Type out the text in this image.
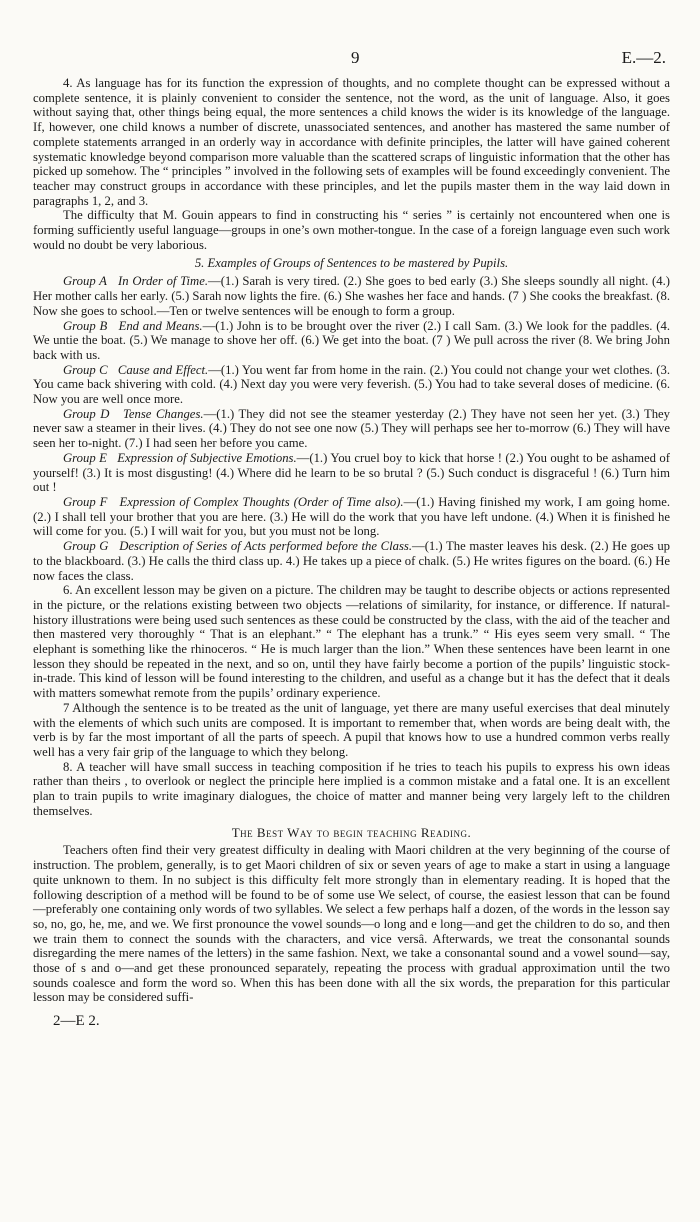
9	E.—2.

4. As language has for its function the expression of thoughts, and no complete thought can be expressed without a complete sentence, it is plainly convenient to consider the sentence, not the word, as the unit of language. Also, it goes without saying that, other things being equal, the more sentences a child knows the wider is its knowledge of the language. If, however, one child knows a number of discrete, unassociated sentences, and another has mastered the same number of complete statements arranged in an orderly way in accordance with definite principles, the latter will have gained coherent systematic knowledge beyond comparison more valuable than the scattered scraps of linguistic information that the other has picked up somehow. The “ principles ” involved in the following sets of examples will be found exceedingly convenient. The teacher may construct groups in accordance with these principles, and let the pupils master them in the way laid down in paragraphs 1, 2, and 3.

The difficulty that M. Gouin appears to find in constructing his “ series ” is certainly not encountered when one is forming sufficiently useful language—groups in one’s own mother-tongue. In the case of a foreign language even such work would no doubt be very laborious.

5. Examples of Groups of Sentences to be mastered by Pupils.

Group A In Order of Time.—(1.) Sarah is very tired. (2.) She goes to bed early (3.) She sleeps soundly all night. (4.) Her mother calls her early. (5.) Sarah now lights the fire. (6.) She washes her face and hands. (7 ) She cooks the breakfast. (8. Now she goes to school.—Ten or twelve sentences will be enough to form a group.

Group B End and Means.—(1.) John is to be brought over the river (2.) I call Sam. (3.) We look for the paddles. (4. We untie the boat. (5.) We manage to shove her off. (6.) We get into the boat. (7 ) We pull across the river (8. We bring John back with us.

Group C Cause and Effect.—(1.) You went far from home in the rain. (2.) You could not change your wet clothes. (3. You came back shivering with cold. (4.) Next day you were very feverish. (5.) You had to take several doses of medicine. (6. Now you are well once more.

Group D Tense Changes.—(1.) They did not see the steamer yesterday (2.) They have not seen her yet. (3.) They never saw a steamer in their lives. (4.) They do not see one now (5.) They will perhaps see her to-morrow (6.) They will have seen her to-night. (7.) I had seen her before you came.

Group E Expression of Subjective Emotions.—(1.) You cruel boy to kick that horse ! (2.) You ought to be ashamed of yourself! (3.) It is most disgusting! (4.) Where did he learn to be so brutal ? (5.) Such conduct is disgraceful ! (6.) Turn him out !

Group F Expression of Complex Thoughts (Order of Time also).—(1.) Having finished my work, I am going home. (2.) I shall tell your brother that you are here. (3.) He will do the work that you have left undone. (4.) When it is finished he will come for you. (5.) I will wait for you, but you must not be long.

Group G Description of Series of Acts performed before the Class.—(1.) The master leaves his desk. (2.) He goes up to the blackboard. (3.) He calls the third class up. 4.) He takes up a piece of chalk. (5.) He writes figures on the board. (6.) He now faces the class.

6. An excellent lesson may be given on a picture. The children may be taught to describe objects or actions represented in the picture, or the relations existing between two objects —relations of similarity, for instance, or difference. If natural-history illustrations were being used such sentences as these could be constructed by the class, with the aid of the teacher and then mastered very thoroughly “ That is an elephant.” “ The elephant has a trunk.” “ His eyes seem very small. “ The elephant is something like the rhinoceros. “ He is much larger than the lion.” When these sentences have been learnt in one lesson they should be repeated in the next, and so on, until they have fairly become a portion of the pupils’ linguistic stock-in-trade. This kind of lesson will be found interesting to the children, and useful as a change but it has the defect that it deals with matters somewhat remote from the pupils’ ordinary experience.

7 Although the sentence is to be treated as the unit of language, yet there are many useful exercises that deal minutely with the elements of which such units are composed. It is important to remember that, when words are being dealt with, the verb is by far the most important of all the parts of speech. A pupil that knows how to use a hundred common verbs really well has a very fair grip of the language to which they belong.

8. A teacher will have small success in teaching composition if he tries to teach his pupils to express his own ideas rather than theirs , to overlook or neglect the principle here implied is a common mistake and a fatal one. It is an excellent plan to train pupils to write imaginary dialogues, the choice of matter and manner being very largely left to the children themselves.

The Best Way to begin teaching Reading.

Teachers often find their very greatest difficulty in dealing with Maori children at the very beginning of the course of instruction. The problem, generally, is to get Maori children of six or seven years of age to make a start in using a language quite unknown to them. In no subject is this difficulty felt more strongly than in elementary reading. It is hoped that the following description of a method will be found to be of some use We select, of course, the easiest lesson that can be found—preferably one containing only words of two syllables. We select a few perhaps half a dozen, of the words in the lesson say so, no, go, he, me, and we. We first pronounce the vowel sounds—o long and e long—and get the children to do so, and then we train them to connect the sounds with the characters, and vice versâ. Afterwards, we treat the consonantal sounds disregarding the mere names of the letters) in the same fashion. Next, we take a consonantal sound and a vowel sound—say, those of s and o—and get these pronounced separately, repeating the process with gradual approximation until the two sounds coalesce and form the word so. When this has been done with all the six words, the preparation for this particular lesson may be considered suffi-

2—E 2.
